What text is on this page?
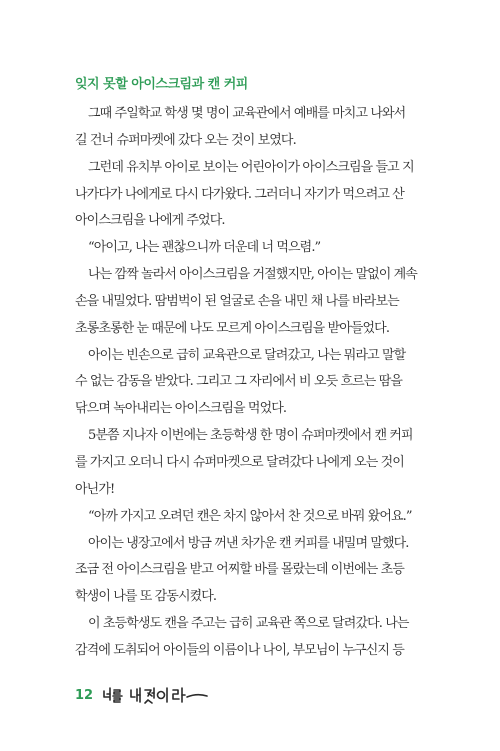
잊지 못할 아이스크림과 캔 커피
그때 주일학교 학생 몇 명이 교육관에서 예배를 마치고 나와서
길 건너 슈퍼마켓에 갔다 오는 것이 보였다.
그런데 유치부 아이로 보이는 어린아이가 아이스크림을 들고 지
나가다가 나에게로 다시 다가왔다. 그러더니 자기가 먹으려고 산
아이스크림을 나에게 주었다.
“아이고, 나는 괜찮으니까 더운데 너 먹으렴.”
나는 깜짝 놀라서 아이스크림을 거절했지만, 아이는 말없이 계속
손을 내밀었다. 땀범벅이 된 얼굴로 손을 내민 채 나를 바라보는
초롱초롱한 눈 때문에 나도 모르게 아이스크림을 받아들었다.
아이는 빈손으로 급히 교육관으로 달려갔고, 나는 뭐라고 말할
수 없는 감동을 받았다. 그리고 그 자리에서 비 오듯 흐르는 땀을
닦으며 녹아내리는 아이스크림을 먹었다.
5분쯤 지나자 이번에는 초등학생 한 명이 슈퍼마켓에서 캔 커피
를 가지고 오더니 다시 슈퍼마켓으로 달려갔다 나에게 오는 것이
아닌가!
“아까 가지고 오려던 캔은 차지 않아서 찬 것으로 바꿔 왔어요.”
아이는 냉장고에서 방금 꺼낸 차가운 캔 커피를 내밀며 말했다.
조금 전 아이스크림을 받고 어찌할 바를 몰랐는데 이번에는 초등
학생이 나를 또 감동시켰다.
이 초등학생도 캔을 주고는 급히 교육관 쪽으로 달려갔다. 나는
감격에 도취되어 아이들의 이름이나 나이, 부모님이 누구신지 등
12
